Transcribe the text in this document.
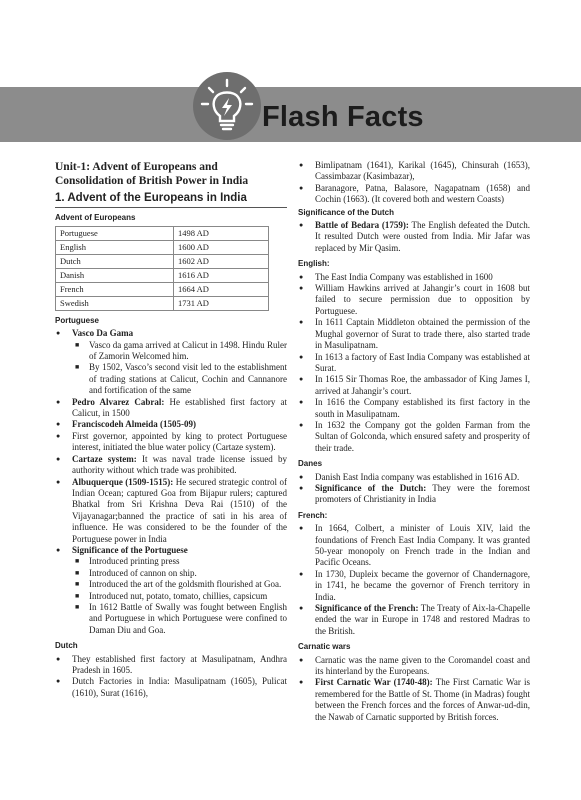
Flash Facts
Unit-1: Advent of Europeans and Consolidation of British Power in India
1. Advent of the Europeans in India
Advent of Europeans
Portuguese	1498 AD
English	1600 AD
Dutch	1602 AD
Danish	1616 AD
French	1664 AD
Swedish	1731 AD
Portuguese
● Vasco Da Gama
■ Vasco da gama arrived at Calicut in 1498. Hindu Ruler of Zamorin Welcomed him.
■ By 1502, Vasco’s second visit led to the establishment of trading stations at Calicut, Cochin and Cannanore and fortification of the same
● Pedro Alvarez Cabral: He established first factory at Calicut, in 1500
● Franciscodeh Almeida (1505-09)
● First governor, appointed by king to protect Portuguese interest, initiated the blue water policy (Cartaze system).
● Cartaze system: It was naval trade license issued by authority without which trade was prohibited.
● Albuquerque (1509-1515): He secured strategic control of Indian Ocean; captured Goa from Bijapur rulers; captured Bhatkal from Sri Krishna Deva Rai (1510) of the Vijayanagar;banned the practice of sati in his area of influence. He was considered to be the founder of the Portuguese power in India
● Significance of the Portuguese
■ Introduced printing press
■ Introduced of cannon on ship.
■ Introduced the art of the goldsmith flourished at Goa.
■ Introduced nut, potato, tomato, chillies, capsicum
■ In 1612 Battle of Swally was fought between English and Portuguese in which Portuguese were confined to Daman Diu and Goa.
Dutch
● They established first factory at Masulipatnam, Andhra Pradesh in 1605.
● Dutch Factories in India: Masulipatnam (1605), Pulicat (1610), Surat (1616),
● Bimlipatnam (1641), Karikal (1645), Chinsurah (1653), Cassimbazar (Kasimbazar),
● Baranagore, Patna, Balasore, Nagapatnam (1658) and Cochin (1663). (It covered both and western Coasts)
Significance of the Dutch
● Battle of Bedara (1759): The English defeated the Dutch. It resulted Dutch were ousted from India. Mir Jafar was replaced by Mir Qasim.
English:
● The East India Company was established in 1600
● William Hawkins arrived at Jahangir’s court in 1608 but failed to secure permission due to opposition by Portuguese.
● In 1611 Captain Middleton obtained the permission of the Mughal governor of Surat to trade there, also started trade in Masulipatnam.
● In 1613 a factory of East India Company was established at Surat.
● In 1615 Sir Thomas Roe, the ambassador of King James I, arrived at Jahangir’s court.
● In 1616 the Company established its first factory in the south in Masulipatnam.
● In 1632 the Company got the golden Farman from the Sultan of Golconda, which ensured safety and prosperity of their trade.
Danes
● Danish East India company was established in 1616 AD.
● Significance of the Dutch: They were the foremost promoters of Christianity in India
French:
● In 1664, Colbert, a minister of Louis XIV, laid the foundations of French East India Company. It was granted 50-year monopoly on French trade in the Indian and Pacific Oceans.
● In 1730, Dupleix became the governor of Chandernagore, in 1741, he became the governor of French territory in India.
● Significance of the French: The Treaty of Aix-la-Chapelle ended the war in Europe in 1748 and restored Madras to the British.
Carnatic wars
● Carnatic was the name given to the Coromandel coast and its hinterland by the Europeans.
● First Carnatic War (1740-48): The First Carnatic War is remembered for the Battle of St. Thome (in Madras) fought between the French forces and the forces of Anwar-ud-din, the Nawab of Carnatic supported by British forces.
